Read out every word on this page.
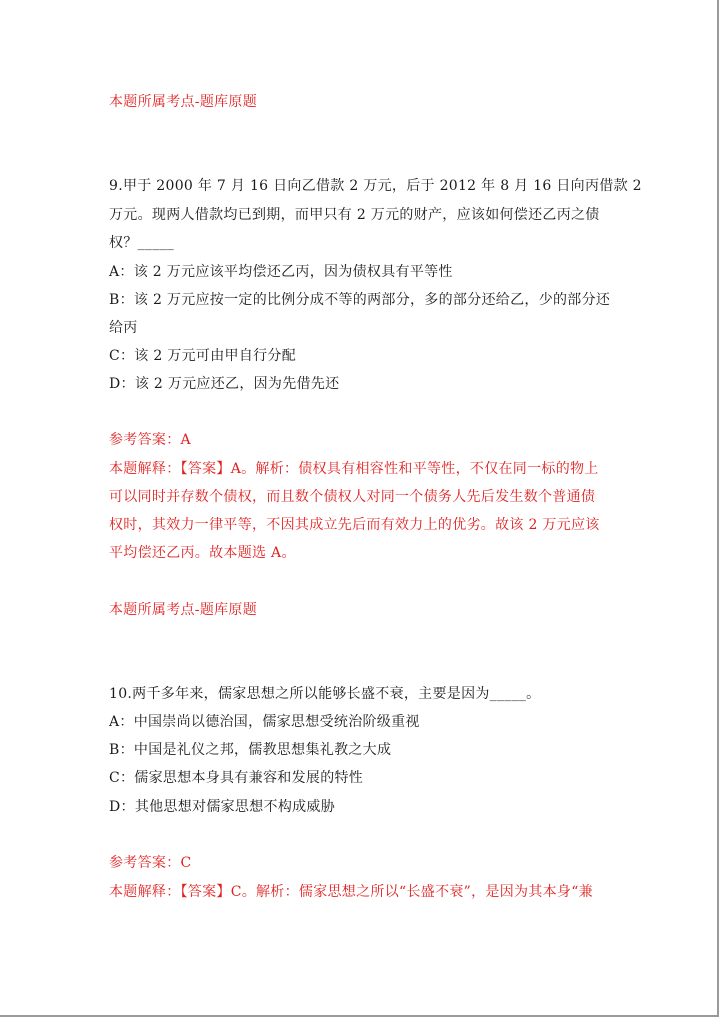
本题所属考点-题库原题
9.甲于 2000 年 7 月 16 日向乙借款 2 万元，后于 2012 年 8 月 16 日向丙借款 2
万元。现两人借款均已到期，而甲只有 2 万元的财产，应该如何偿还乙丙之债
权？_____
A：该 2 万元应该平均偿还乙丙，因为债权具有平等性
B：该 2 万元应按一定的比例分成不等的两部分，多的部分还给乙，少的部分还
给丙
C：该 2 万元可由甲自行分配
D：该 2 万元应还乙，因为先借先还
参考答案：A
本题解释：【答案】A。解析：债权具有相容性和平等性，不仅在同一标的物上
可以同时并存数个债权，而且数个债权人对同一个债务人先后发生数个普通债
权时，其效力一律平等，不因其成立先后而有效力上的优劣。故该 2 万元应该
平均偿还乙丙。故本题选 A。
本题所属考点-题库原题
10.两千多年来，儒家思想之所以能够长盛不衰，主要是因为_____。
A：中国崇尚以德治国，儒家思想受统治阶级重视
B：中国是礼仪之邦，儒教思想集礼教之大成
C：儒家思想本身具有兼容和发展的特性
D：其他思想对儒家思想不构成威胁
参考答案：C
本题解释：【答案】C。解析：儒家思想之所以“长盛不衰”，是因为其本身“兼
